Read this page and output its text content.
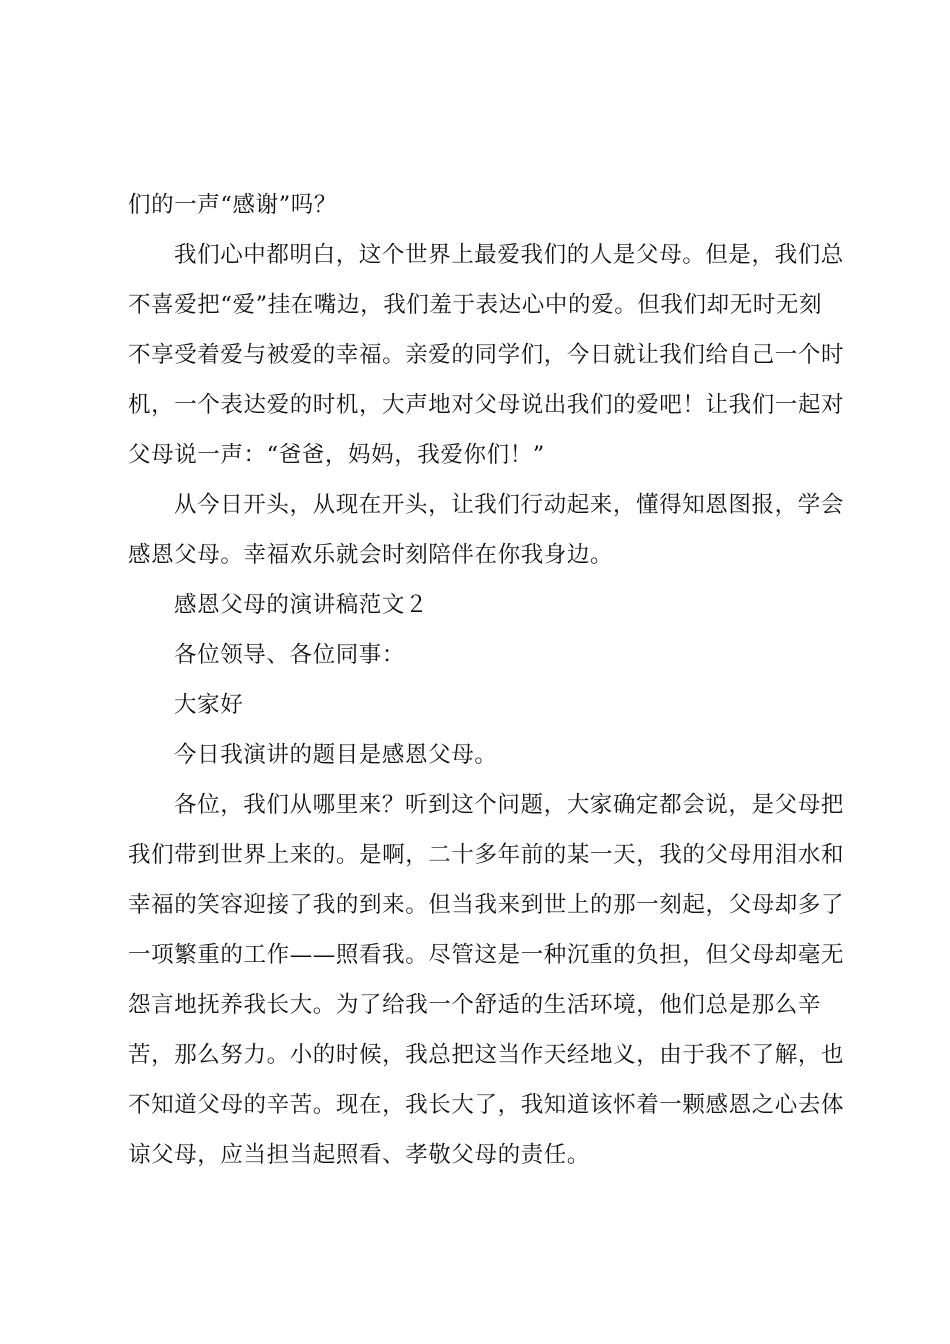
们的一声“感谢”吗？
我们心中都明白，这个世界上最爱我们的人是父母。但是，我们总
不喜爱把“爱”挂在嘴边，我们羞于表达心中的爱。但我们却无时无刻
不享受着爱与被爱的幸福。亲爱的同学们，今日就让我们给自己一个时
机，一个表达爱的时机，大声地对父母说出我们的爱吧！让我们一起对
父母说一声：“爸爸，妈妈，我爱你们！”
从今日开头，从现在开头，让我们行动起来，懂得知恩图报，学会
感恩父母。幸福欢乐就会时刻陪伴在你我身边。
感恩父母的演讲稿范文２
各位领导、各位同事：
大家好
今日我演讲的题目是感恩父母。
各位，我们从哪里来？听到这个问题，大家确定都会说，是父母把
我们带到世界上来的。是啊，二十多年前的某一天，我的父母用泪水和
幸福的笑容迎接了我的到来。但当我来到世上的那一刻起，父母却多了
一项繁重的工作——照看我。尽管这是一种沉重的负担，但父母却毫无
怨言地抚养我长大。为了给我一个舒适的生活环境，他们总是那么辛
苦，那么努力。小的时候，我总把这当作天经地义，由于我不了解，也
不知道父母的辛苦。现在，我长大了，我知道该怀着一颗感恩之心去体
谅父母，应当担当起照看、孝敬父母的责任。
